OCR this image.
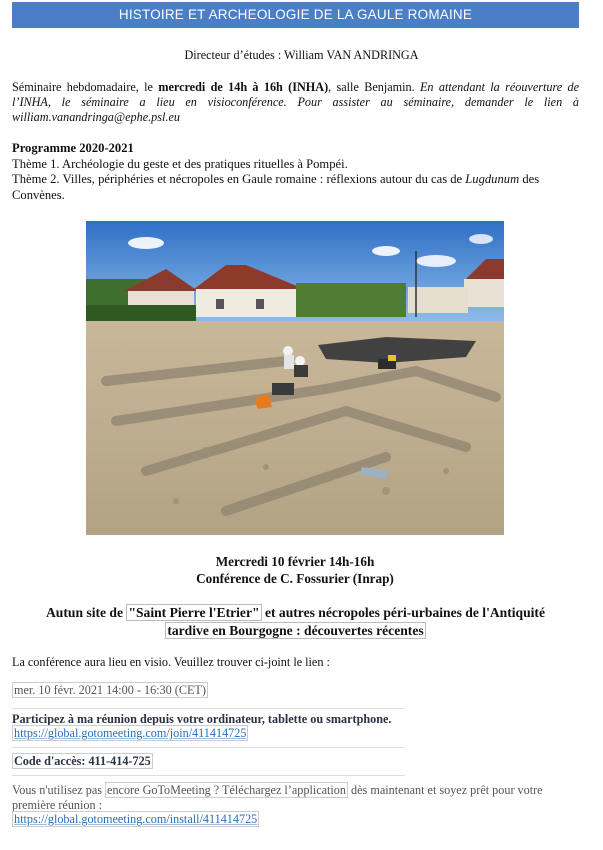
HISTOIRE ET ARCHEOLOGIE DE LA GAULE ROMAINE
Directeur d’études : William VAN ANDRINGA
Séminaire hebdomadaire, le mercredi de 14h à 16h (INHA), salle Benjamin. En attendant la réouverture de l’INHA, le séminaire a lieu en visioconférence. Pour assister au séminaire, demander le lien à william.vanandringa@ephe.psl.eu
Programme 2020-2021
Thème 1. Archéologie du geste et des pratiques rituelles à Pompéi.
Thème 2. Villes, périphéries et nécropoles en Gaule romaine : réflexions autour du cas de Lugdunum des Convènes.
Mercredi 10 février 14h-16h
Conférence de C. Fossurier (Inrap)
Autun site de "Saint Pierre l'Etrier" et autres nécropoles péri-urbaines de l'Antiquité
tardive en Bourgogne : découvertes récentes
La conférence aura lieu en visio. Veuillez trouver ci-joint le lien :
mer. 10 févr. 2021 14:00 - 16:30 (CET)
Participez à ma réunion depuis votre ordinateur, tablette ou smartphone.
https://global.gotomeeting.com/join/411414725
Code d'accès: 411-414-725
Vous n'utilisez pas encore GoToMeeting ? Téléchargez l’application dès maintenant et soyez prêt pour votre première réunion :
https://global.gotomeeting.com/install/411414725
